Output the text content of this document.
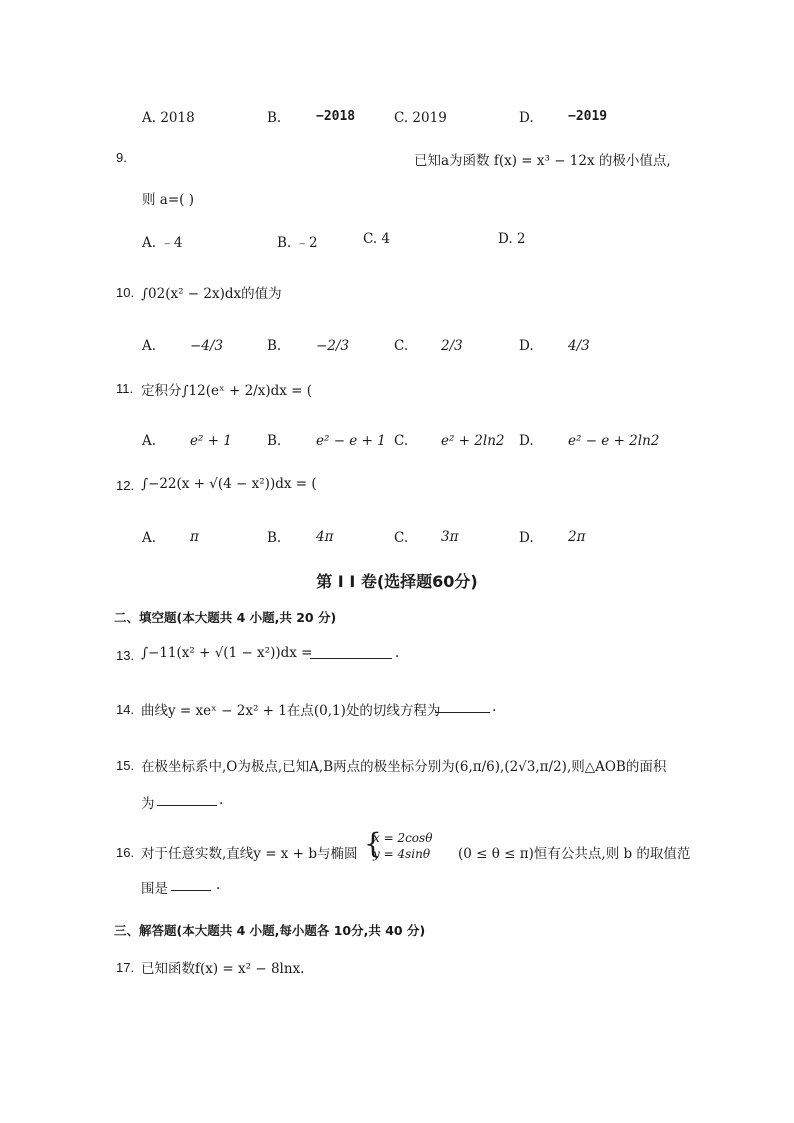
A. 2018	B.	−2018	C. 2019	D.	−2019
9.	已知a为函数 f(x) = x³ − 12x 的极小值点,
则 a=( )
A. ﹣4	B. ﹣2	C. 4	D. 2
10. ∫02(x² − 2x)dx的值为
A.	−4/3	B.	−2/3	C. 2/3	D.	4/3
11. 定积分∫12(eˣ + 2/x)dx = (
A.	e² + 1	B.	e² − e + 1 C. e² + 2ln2 D.	e² − e + 2ln2
12. ∫−22(x + √(4 − x²))dx = (
A.	π	B.	4π	C. 3π	D.	2π
第 I I 卷(选择题60分)
二、填空题(本大题共 4 小题,共 20 分)
13. ∫−11(x² + √(1 − x²))dx =	.
14. 曲线y = xeˣ − 2x² + 1在点(0,1)处的切线方程为	.
15. 在极坐标系中,O为极点,已知A,B两点的极坐标分别为(6,π/6),(2√3,π/2),则△AOB的面积
为	.
16. 对于任意实数,直线y = x + b与椭圆 {
x = 2cosθ
y = 4sinθ (0 ≤ θ ≤ π)恒有公共点,则 b 的取值范
围是	.
三、解答题(本大题共 4 小题,每小题各 10分,共 40 分)
17. 已知函数f(x) = x² − 8lnx.
